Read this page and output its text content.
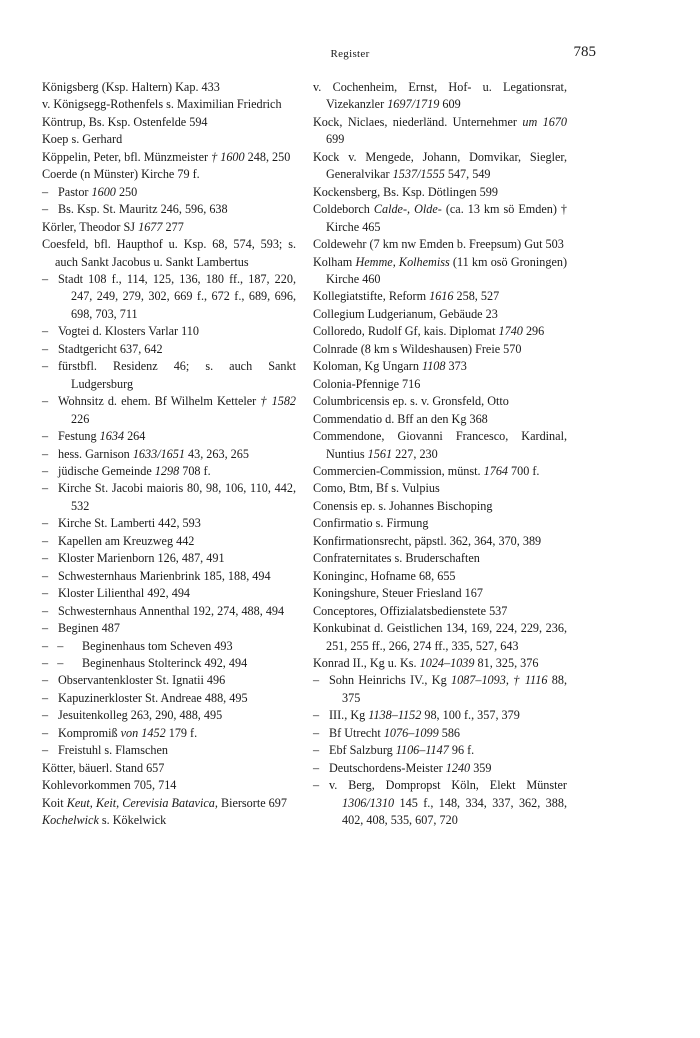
Register	785
Königsberg (Ksp. Haltern) Kap. 433
v. Königsegg-Rothenfels s. Maximilian Friedrich
Köntrup, Bs. Ksp. Ostenfelde 594
Koep s. Gerhard
Köppelin, Peter, bfl. Münzmeister † 1600 248, 250
Coerde (n Münster) Kirche 79 f.
– Pastor 1600 250
– Bs. Ksp. St. Mauritz 246, 596, 638
Körler, Theodor SJ 1677 277
Coesfeld, bfl. Haupthof u. Ksp. 68, 574, 593; s. auch Sankt Jacobus u. Sankt Lambertus
– Stadt 108 f., 114, 125, 136, 180 ff., 187, 220, 247, 249, 279, 302, 669 f., 672 f., 689, 696, 698, 703, 711
– Vogtei d. Klosters Varlar 110
– Stadtgericht 637, 642
– fürstbfl. Residenz 46; s. auch Sankt Ludgersburg
– Wohnsitz d. ehem. Bf Wilhelm Ketteler † 1582 226
– Festung 1634 264
– hess. Garnison 1633/1651 43, 263, 265
– jüdische Gemeinde 1298 708 f.
– Kirche St. Jacobi maioris 80, 98, 106, 110, 442, 532
– Kirche St. Lamberti 442, 593
– Kapellen am Kreuzweg 442
– Kloster Marienborn 126, 487, 491
– Schwesternhaus Marienbrink 185, 188, 494
– Kloster Lilienthal 492, 494
– Schwesternhaus Annenthal 192, 274, 488, 494
– Beginen 487
–   – Beginenhaus tom Scheven 493
–   – Beginenhaus Stolterinck 492, 494
– Observantenkloster St. Ignatii 496
– Kapuzinerkloster St. Andreae 488, 495
– Jesuitenkolleg 263, 290, 488, 495
– Kompromiß von 1452 179 f.
– Freistuhl s. Flamschen
Kötter, bäuerl. Stand 657
Kohlevorkommen 705, 714
Koit Keut, Keit, Cerevisia Batavica, Biersorte 697
Kochelwick s. Kökelwick
v. Cochenheim, Ernst, Hof- u. Legationsrat, Vizekanzler 1697/1719 609
Kock, Niclaes, niederländ. Unternehmer um 1670 699
Kock v. Mengede, Johann, Domvikar, Siegler, Generalvikar 1537/1555 547, 549
Kockensberg, Bs. Ksp. Dötlingen 599
Coldeborch Calde-, Olde- (ca. 13 km sö Emden) † Kirche 465
Coldewehr (7 km nw Emden b. Freepsum) Gut 503
Kolham Hemme, Kolhemiss (11 km osö Groningen) Kirche 460
Kollegiatstifte, Reform 1616 258, 527
Collegium Ludgerianum, Gebäude 23
Colloredo, Rudolf Gf, kais. Diplomat 1740 296
Colnrade (8 km s Wildeshausen) Freie 570
Koloman, Kg Ungarn 1108 373
Colonia-Pfennige 716
Columbricensis ep. s. v. Gronsfeld, Otto
Commendatio d. Bff an den Kg 368
Commendone, Giovanni Francesco, Kardinal, Nuntius 1561 227, 230
Commercien-Commission, münst. 1764 700 f.
Como, Btm, Bf s. Vulpius
Conensis ep. s. Johannes Bischoping
Confirmatio s. Firmung
Konfirmationsrecht, päpstl. 362, 364, 370, 389
Confraternitates s. Bruderschaften
Koninginc, Hofname 68, 655
Koningshure, Steuer Friesland 167
Conceptores, Offizialatsbedienstete 537
Konkubinat d. Geistlichen 134, 169, 224, 229, 236, 251, 255 ff., 266, 274 ff., 335, 527, 643
Konrad II., Kg u. Ks. 1024–1039 81, 325, 376
– Sohn Heinrichs IV., Kg 1087–1093, † 1116 88, 375
– III., Kg 1138–1152 98, 100 f., 357, 379
– Bf Utrecht 1076–1099 586
– Ebf Salzburg 1106–1147 96 f.
– Deutschordens-Meister 1240 359
– v. Berg, Dompropst Köln, Elekt Münster 1306/1310 145 f., 148, 334, 337, 362, 388, 402, 408, 535, 607, 720
